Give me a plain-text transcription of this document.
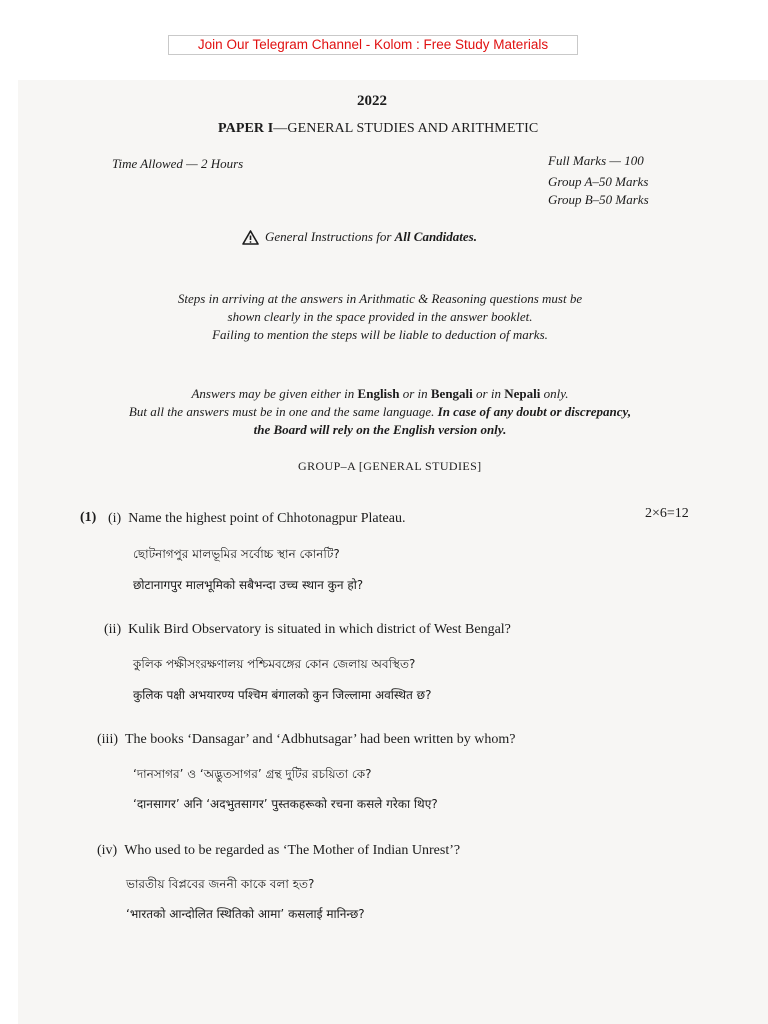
Join Our Telegram Channel - Kolom : Free Study Materials
2022
PAPER I—GENERAL STUDIES AND ARITHMETIC
Time Allowed — 2 Hours	Full Marks — 100
Group A–50 Marks
Group B–50 Marks
General Instructions for
All Candidates.
Steps in arriving at the answers in Arithmatic & Reasoning questions must be
shown clearly in the space provided in the answer booklet.
Failing to mention the steps will be liable to deduction of marks.
Answers may be given either in English or in Bengali or in Nepali only.
But all the answers must be in one and the same language. In case of any doubt or discrepancy,
the Board will rely on the English version only.
GROUP–A [GENERAL STUDIES]
(1)	2×6=12
(i) Name the highest point of Chhotonagpur Plateau.
ছোটনাগপুর মালভূমির সর্বোচ্চ স্থান কোনটি?
छोटानागपुर मालभूमिको सबैभन्दा उच्च स्थान कुन हो?
(ii) Kulik Bird Observatory is situated in which district of West Bengal?
কুলিক পক্ষীসংরক্ষণালয় পশ্চিমবঙ্গের কোন জেলায় অবস্থিত?
कुलिक पक्षी अभयारण्य पश्चिम बंगालको कुन जिल्लामा अवस्थित छ?
(iii) The books ‘Dansagar’ and ‘Adbhutsagar’ had been written by whom?
‘দানসাগর’ ও ‘অদ্ভুতসাগর’ গ্রন্থ দুটির রচয়িতা কে?
‘दानसागर’ अनि ‘अदभुतसागर’ पुस्तकहरूको रचना कसले गरेका थिए?
(iv) Who used to be regarded as ‘The Mother of Indian Unrest’?
ভারতীয় বিপ্লবের জননী কাকে বলা হত?
‘भारतको आन्दोलित स्थितिको आमा’ कसलाई मानिन्छ?
